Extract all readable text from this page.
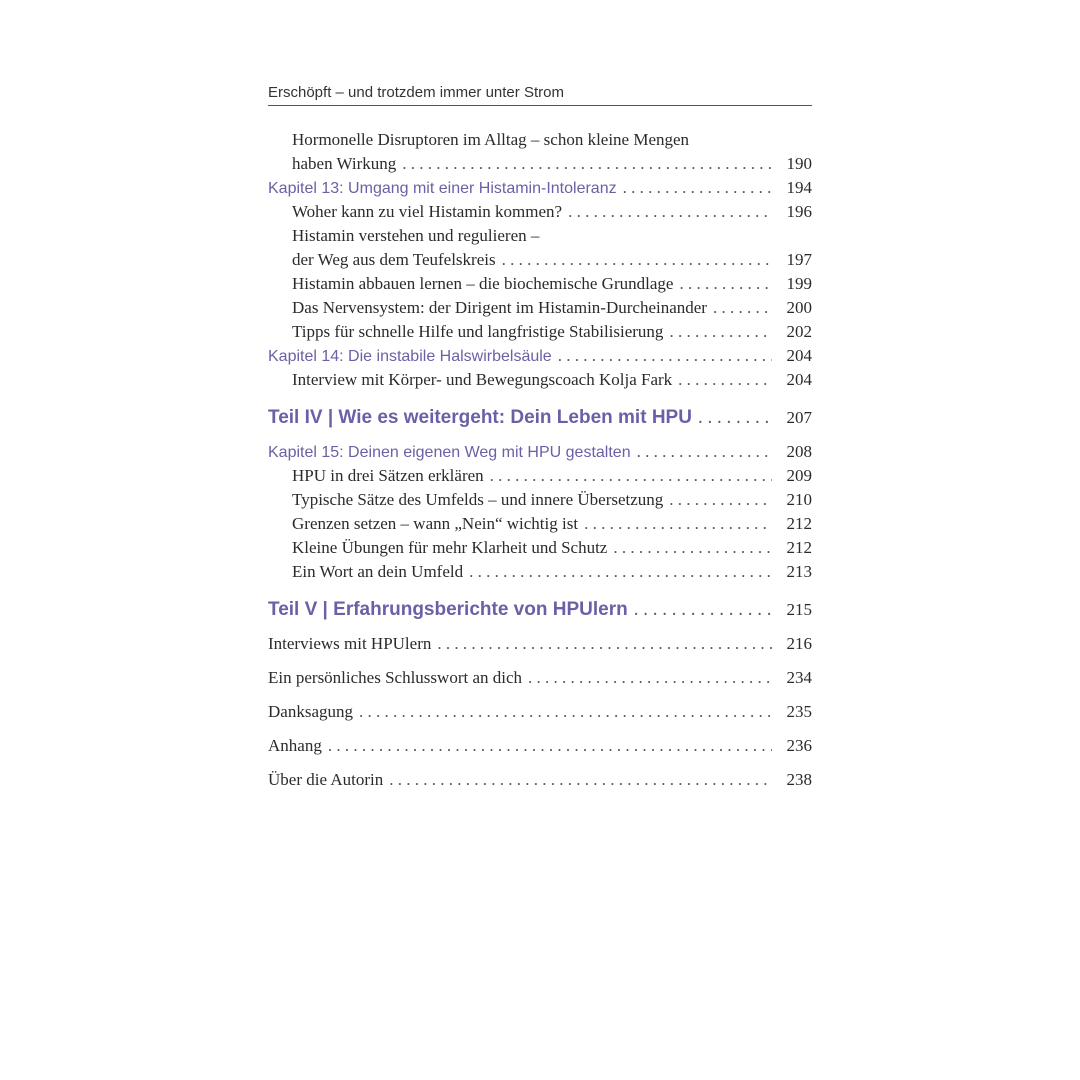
Erschöpft – und trotzdem immer unter Strom
Hormonelle Disruptoren im Alltag – schon kleine Mengen
haben Wirkung . . .	190
Kapitel 13: Umgang mit einer Histamin-Intoleranz . . .	194
Woher kann zu viel Histamin kommen? . . .	196
Histamin verstehen und regulieren –
der Weg aus dem Teufelskreis . . .	197
Histamin abbauen lernen – die biochemische Grundlage . . .	199
Das Nervensystem: der Dirigent im Histamin-Durcheinander . . .	200
Tipps für schnelle Hilfe und langfristige Stabilisierung . . .	202
Kapitel 14: Die instabile Halswirbelsäule . . .	204
Interview mit Körper- und Bewegungscoach Kolja Fark . . .	204
Teil IV | Wie es weitergeht: Dein Leben mit HPU . . .	207
Kapitel 15: Deinen eigenen Weg mit HPU gestalten . . .	208
HPU in drei Sätzen erklären . . .	209
Typische Sätze des Umfelds – und innere Übersetzung . . .	210
Grenzen setzen – wann „Nein“ wichtig ist . . .	212
Kleine Übungen für mehr Klarheit und Schutz . . .	212
Ein Wort an dein Umfeld . . .	213
Teil V | Erfahrungsberichte von HPUlern . . .	215
Interviews mit HPUlern . . .	216
Ein persönliches Schlusswort an dich . . .	234
Danksagung . . .	235
Anhang . . .	236
Über die Autorin . . .	238
